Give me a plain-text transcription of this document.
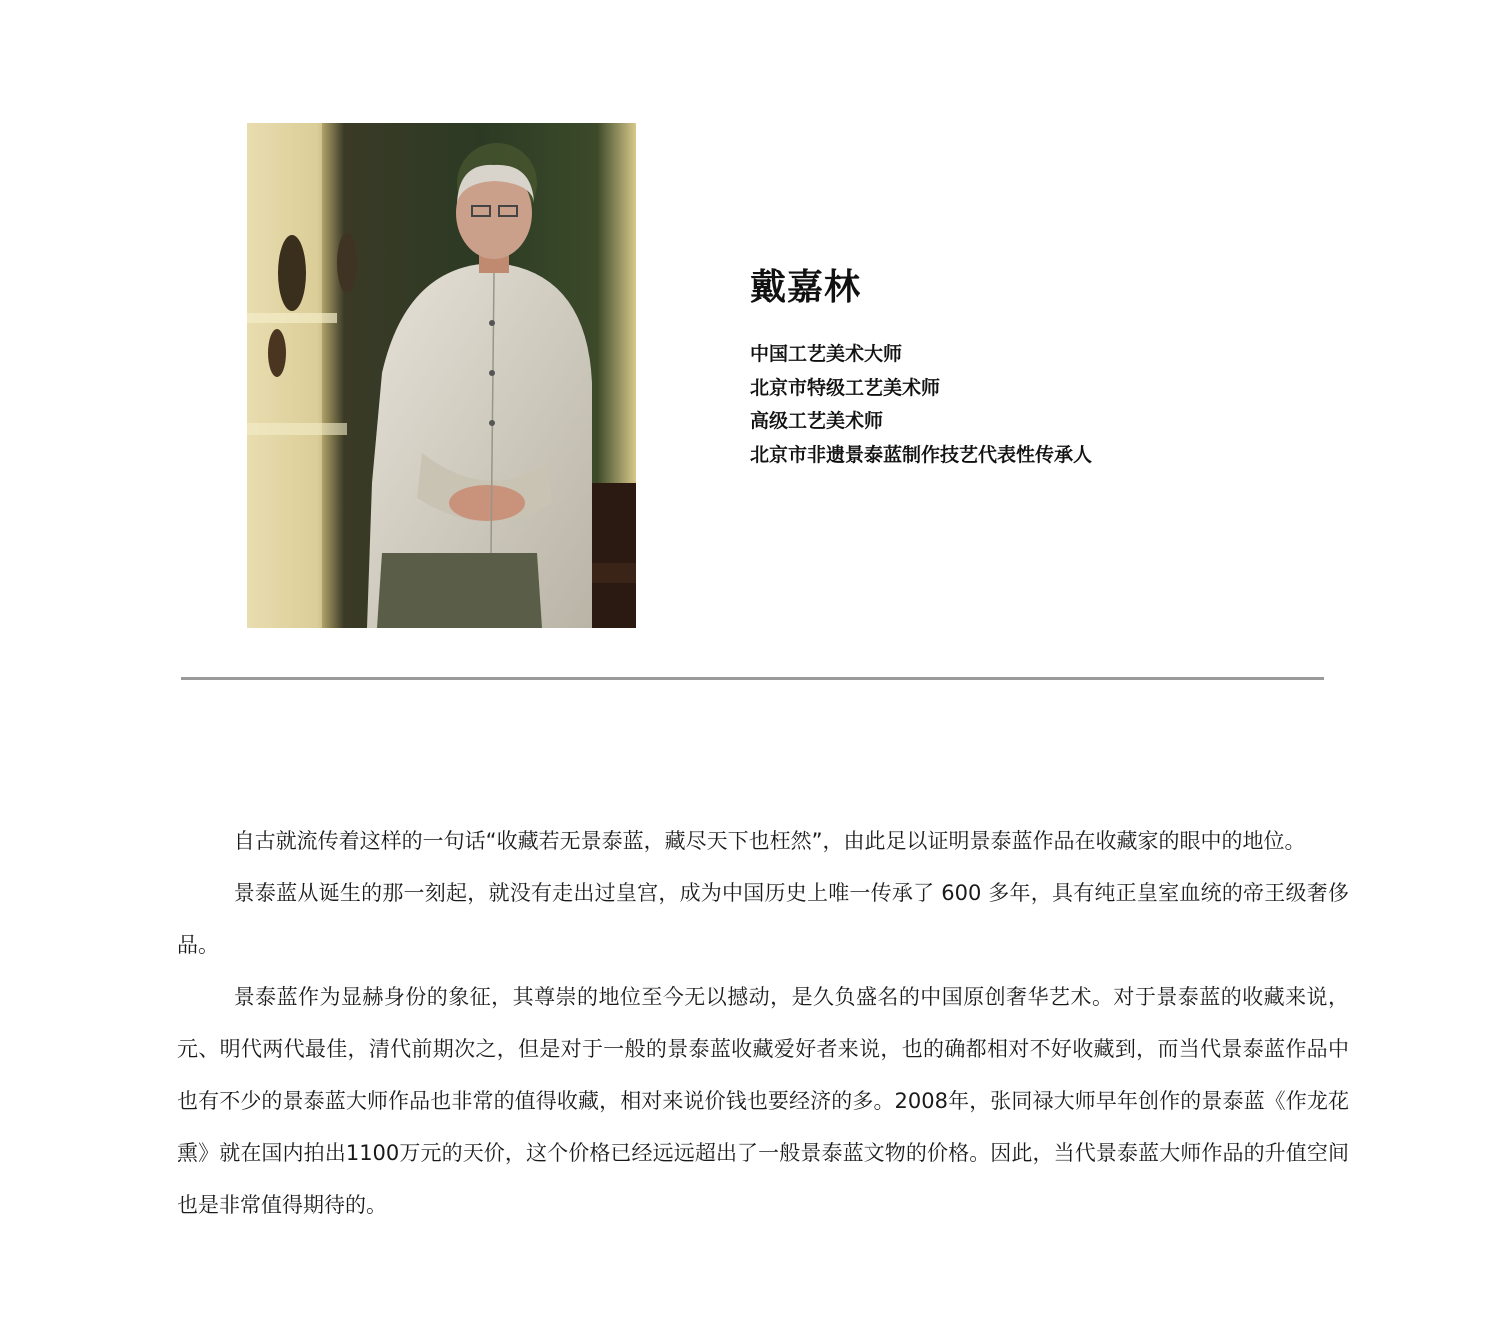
戴嘉林
中国工艺美术大师
北京市特级工艺美术师
高级工艺美术师
北京市非遗景泰蓝制作技艺代表性传承人

自古就流传着这样的一句话“收藏若无景泰蓝，藏尽天下也枉然”，由此足以证明景泰蓝作品在收藏家的眼中的地位。

景泰蓝从诞生的那一刻起，就没有走出过皇宫，成为中国历史上唯一传承了 600 多年，具有纯正皇室血统的帝王级奢侈品。

景泰蓝作为显赫身份的象征，其尊崇的地位至今无以撼动，是久负盛名的中国原创奢华艺术。对于景泰蓝的收藏来说，元、明代两代最佳，清代前期次之，但是对于一般的景泰蓝收藏爱好者来说，也的确都相对不好收藏到，而当代景泰蓝作品中也有不少的景泰蓝大师作品也非常的值得收藏，相对来说价钱也要经济的多。2008年，张同禄大师早年创作的景泰蓝《作龙花熏》就在国内拍出1100万元的天价，这个价格已经远远超出了一般景泰蓝文物的价格。因此，当代景泰蓝大师作品的升值空间也是非常值得期待的。
